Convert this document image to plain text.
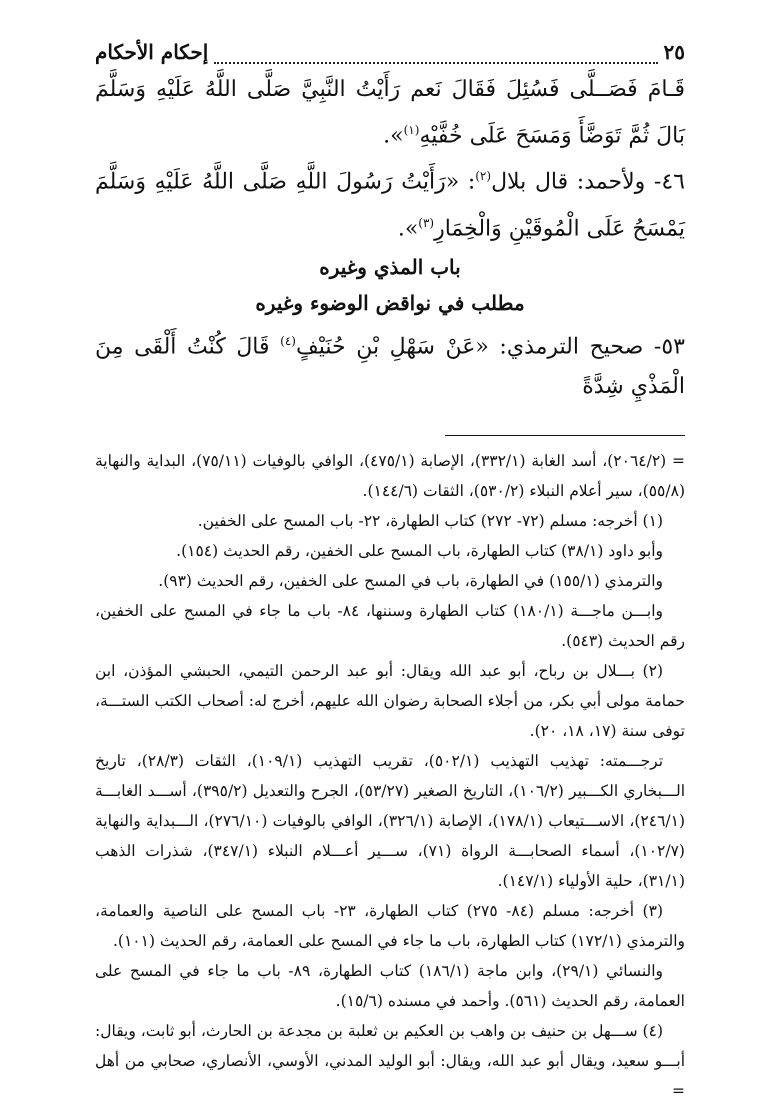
٢٥
إحكام الأحكام

قَـامَ فَصَــلَّى فَسُئِلَ فَقَالَ نَعم رَأَيْتُ النَّبِيَّ صَلَّى اللَّهُ عَلَيْهِ وَسَلَّمَ بَالَ ثُمَّ تَوَضَّأَ وَمَسَحَ عَلَى خُفَّيْهِ$^{(١)}$».

٤٦- ولأحمد: قال بلال$^{(٢)}$: «رَأَيْتُ رَسُولَ اللَّهِ صَلَّى اللَّهُ عَلَيْهِ وَسَلَّمَ يَمْسَحُ عَلَى الْمُوقَيْنِ وَالْخِمَارِ$^{(٣)}$».

باب المذي وغيره

مطلب في نواقض الوضوء وغيره

٥٣- صحيح الترمذي: «عَنْ سَهْلِ بْنِ حُنَيْفٍ$^{(٤)}$ قَالَ كُنْتُ أَلْقَى مِنَ الْمَذْيِ شِدَّةً

= (٢٠٦٤/٢)، أسد الغابة (٣٣٢/١)، الإصابة (٤٧٥/١)، الوافي بالوفيات (٧٥/١١)، البداية والنهاية (٥٥/٨)، سير أعلام النبلاء (٥٣٠/٢)، الثقات (١٤٤/٦).

(١) أخرجه: مسلم (٧٢- ٢٧٢) كتاب الطهارة، ٢٢- باب المسح على الخفين.

وأبو داود (٣٨/١) كتاب الطهارة، باب المسح على الخفين، رقم الحديث (١٥٤).

والترمذي (١٥٥/١) في الطهارة، باب في المسح على الخفين، رقم الحديث (٩٣).

وابـــن ماجـــة (١٨٠/١) كتاب الطهارة وسننها، ٨٤- باب ما جاء في المسح على الخفين، رقم الحديث (٥٤٣).

(٢) بـــلال بن رباح، أبو عبد الله ويقال: أبو عبد الرحمن التيمي، الحبشي المؤذن، ابن حمامة مولى أبي بكر، من أجلاء الصحابة رضوان الله عليهم، أخرج له: أصحاب الكتب الستـــة، توفى سنة (١٧، ١٨، ٢٠).

ترجـــمته: تهذيب التهذيب (٥٠٢/١)، تقريب التهذيب (١٠٩/١)، الثقات (٢٨/٣)، تاريخ الـــبخاري الكـــبير (١٠٦/٢)، التاريخ الصغير (٥٣/٢٧)، الجرح والتعديل (٣٩٥/٢)، أســـد الغابـــة (٢٤٦/١)، الاســـتيعاب (١٧٨/١)، الإصابة (٣٢٦/١)، الوافي بالوفيات (٢٧٦/١٠)، الـــبداية والنهاية (١٠٢/٧)، أسماء الصحابـــة الرواة (٧١)، ســـير أعـــلام النبلاء (٣٤٧/١)، شذرات الذهب (٣١/١)، حلية الأولياء (١٤٧/١).

(٣) أخرجه: مسلم (٨٤- ٢٧٥) كتاب الطهارة، ٢٣- باب المسح على الناصية والعمامة، والترمذي (١٧٢/١) كتاب الطهارة، باب ما جاء في المسح على العمامة، رقم الحديث (١٠١).

والنسائي (٢٩/١)، وابن ماجة (١٨٦/١) كتاب الطهارة، ٨٩- باب ما جاء في المسح على العمامة، رقم الحديث (٥٦١). وأحمد في مسنده (١٥/٦).

(٤) ســـهل بن حنيف بن واهب بن العكيم بن ثعلبة بن مجدعة بن الحارث، أبو ثابت، ويقال: أبـــو سعيد، ويقال أبو عبد الله، ويقال: أبو الوليد المدني، الأوسي، الأنصاري، صحابي من أهل =
